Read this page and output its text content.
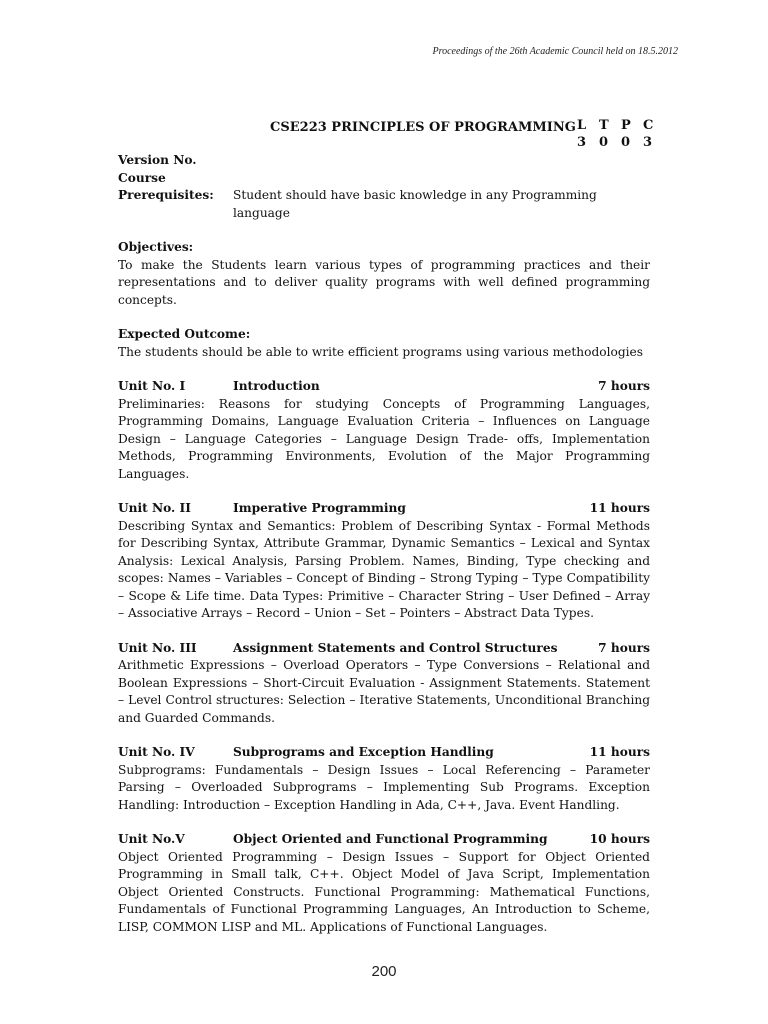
Proceedings of the 26th Academic Council held on 18.5.2012
CSE223 PRINCIPLES OF PROGRAMMING L T P C
3 0 0 3
Version No.
Course
Prerequisites:	Student should have basic knowledge in any Programming language
Objectives:
To make the Students learn various types of programming practices and their representations and to deliver quality programs with well defined programming concepts.
Expected Outcome:
The students should be able to write efficient programs using various methodologies
Unit No. I	Introduction	7 hours
Preliminaries: Reasons for studying Concepts of Programming Languages, Programming Domains, Language Evaluation Criteria – Influences on Language Design – Language Categories – Language Design Trade- offs, Implementation Methods, Programming Environments, Evolution of the Major Programming Languages.
Unit No. II	Imperative Programming	11 hours
Describing Syntax and Semantics: Problem of Describing Syntax - Formal Methods for Describing Syntax, Attribute Grammar, Dynamic Semantics – Lexical and Syntax Analysis: Lexical Analysis, Parsing Problem. Names, Binding, Type checking and scopes: Names – Variables – Concept of Binding – Strong Typing – Type Compatibility – Scope & Life time. Data Types: Primitive – Character String – User Defined – Array – Associative Arrays – Record – Union – Set – Pointers – Abstract Data Types.
Unit No. III	Assignment Statements and Control Structures	7 hours
Arithmetic Expressions – Overload Operators – Type Conversions – Relational and Boolean Expressions – Short-Circuit Evaluation - Assignment Statements. Statement – Level Control structures: Selection – Iterative Statements, Unconditional Branching and Guarded Commands.
Unit No. IV	Subprograms and Exception Handling	11 hours
Subprograms: Fundamentals – Design Issues – Local Referencing – Parameter Parsing – Overloaded Subprograms – Implementing Sub Programs. Exception Handling: Introduction – Exception Handling in Ada, C++, Java. Event Handling.
Unit No.V	Object Oriented and Functional Programming	10 hours
Object Oriented Programming – Design Issues – Support for Object Oriented Programming in Small talk, C++. Object Model of Java Script, Implementation Object Oriented Constructs. Functional Programming: Mathematical Functions, Fundamentals of Functional Programming Languages, An Introduction to Scheme, LISP, COMMON LISP and ML. Applications of Functional Languages.
200
